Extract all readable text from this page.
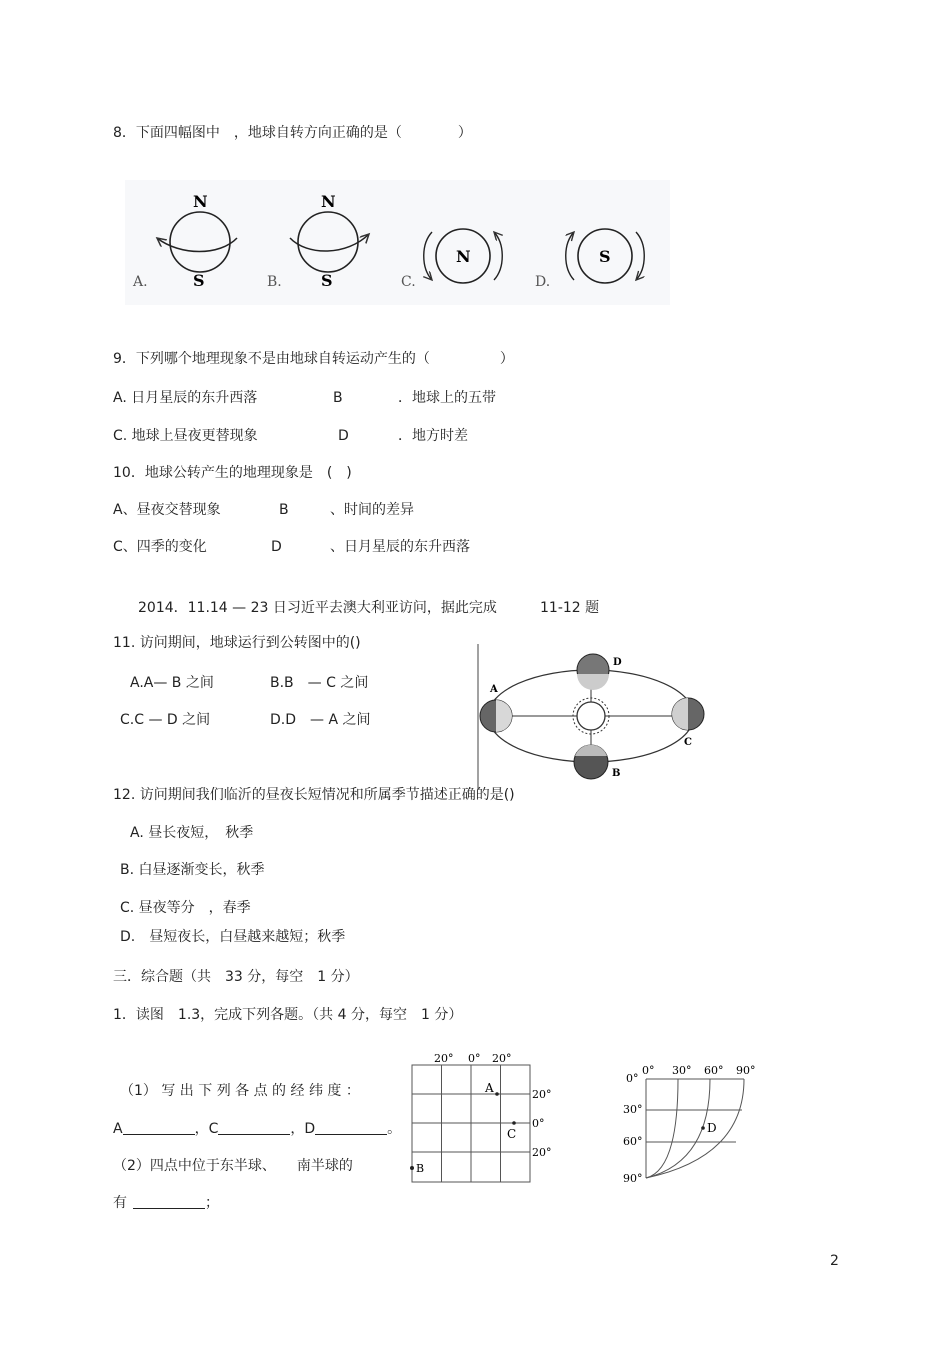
8．下面四幅图中　，地球自转方向正确的是（　　　　）
N
S
A.
N
S
B.
N
C.
S
D.
9．下列哪个地理现象不是由地球自转运动产生的（　　　　　）
A. 日月星辰的东升西落	B	．地球上的五带
C. 地球上昼夜更替现象	D	．地方时差
10．地球公转产生的地理现象是　(　)
A、昼夜交替现象	B	、时间的差异
C、四季的变化	D	、日月星辰的东升西落
2014．11.14 — 23 日习近平去澳大利亚访问，据此完成	11-12 题
11. 访问期间，地球运行到公转图中的()
A.A— B 之间	B.B　— C 之间
C.C — D 之间	D.D　— A 之间
A
B
C
D
12. 访问期间我们临沂的昼夜长短情况和所属季节描述正确的是()
A. 昼长夜短，　秋季
B. 白昼逐渐变长，秋季
C. 昼夜等分　，春季
D.　昼短夜长，白昼越来越短；秋季
三．综合题（共　33 分，每空　1 分）
1．读图　1.3，完成下列各题。（共 4 分，每空　1 分）
（1） 写 出 下 列 各 点 的 经 纬 度 ：
A	，C	，D	。
（2）四点中位于东半球、　　南半球的
有	；
20° 0° 20°
20°
0°
20°
A
C
B
0°
0° 30° 60° 90°
30°
60°
90°
D
2
